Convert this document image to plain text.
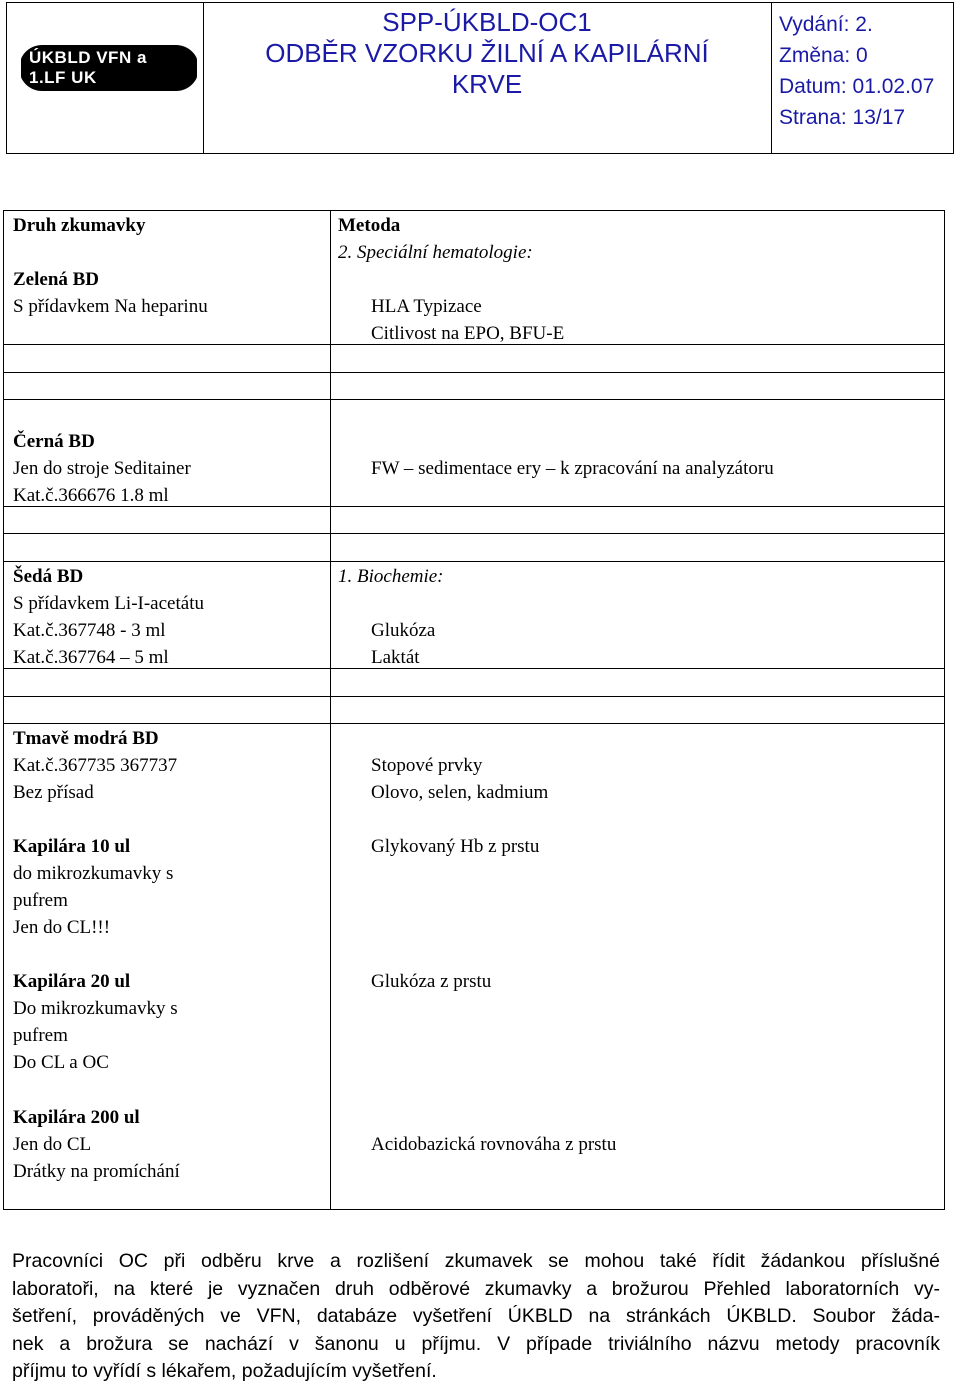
ÚKBLD VFN a 1.LF UK
SPP-ÚKBLD-OC1
ODBĚR VZORKU ŽILNÍ A KAPILÁRNÍ
KRVE
Vydání: 2.
Změna: 0
Datum: 01.02.07
Strana: 13/17
Druh zkumavky	Metoda
2. Speciální hematologie:
Zelená BD
S přídavkem Na heparinu	HLA Typizace
Citlivost na EPO, BFU-E
Černá BD
Jen do stroje Seditainer
Kat.č.366676 1.8 ml
FW – sedimentace ery – k zpracování na analyzátoru
Šedá BD
S přídavkem Li-I-acetátu
Kat.č.367748 - 3 ml
Kat.č.367764 – 5 ml
1. Biochemie:
Glukóza
Laktát
Tmavě modrá BD
Kat.č.367735 367737
Bez přísad
Stopové prvky
Olovo, selen, kadmium
Kapilára 10 ul
do mikrozkumavky s
pufrem
Jen do CL!!!
Glykovaný Hb z prstu
Kapilára 20 ul
Do mikrozkumavky s
pufrem
Do CL a OC
Glukóza z prstu
Kapilára 200 ul
Jen do CL
Drátky na promíchání
Acidobazická rovnováha z prstu
Pracovníci OC při odběru krve a rozlišení zkumavek se mohou také řídit žádankou příslušné
laboratoři, na které je vyznačen druh odběrové zkumavky a brožurou Přehled laboratorních vy-
šetření, prováděných ve VFN, databáze vyšetření ÚKBLD na stránkách ÚKBLD. Soubor žáda-
nek a brožura se nachází v šanonu u příjmu. V případe triviálního názvu metody pracovník
příjmu to vyřídí s lékařem, požadujícím vyšetření.
